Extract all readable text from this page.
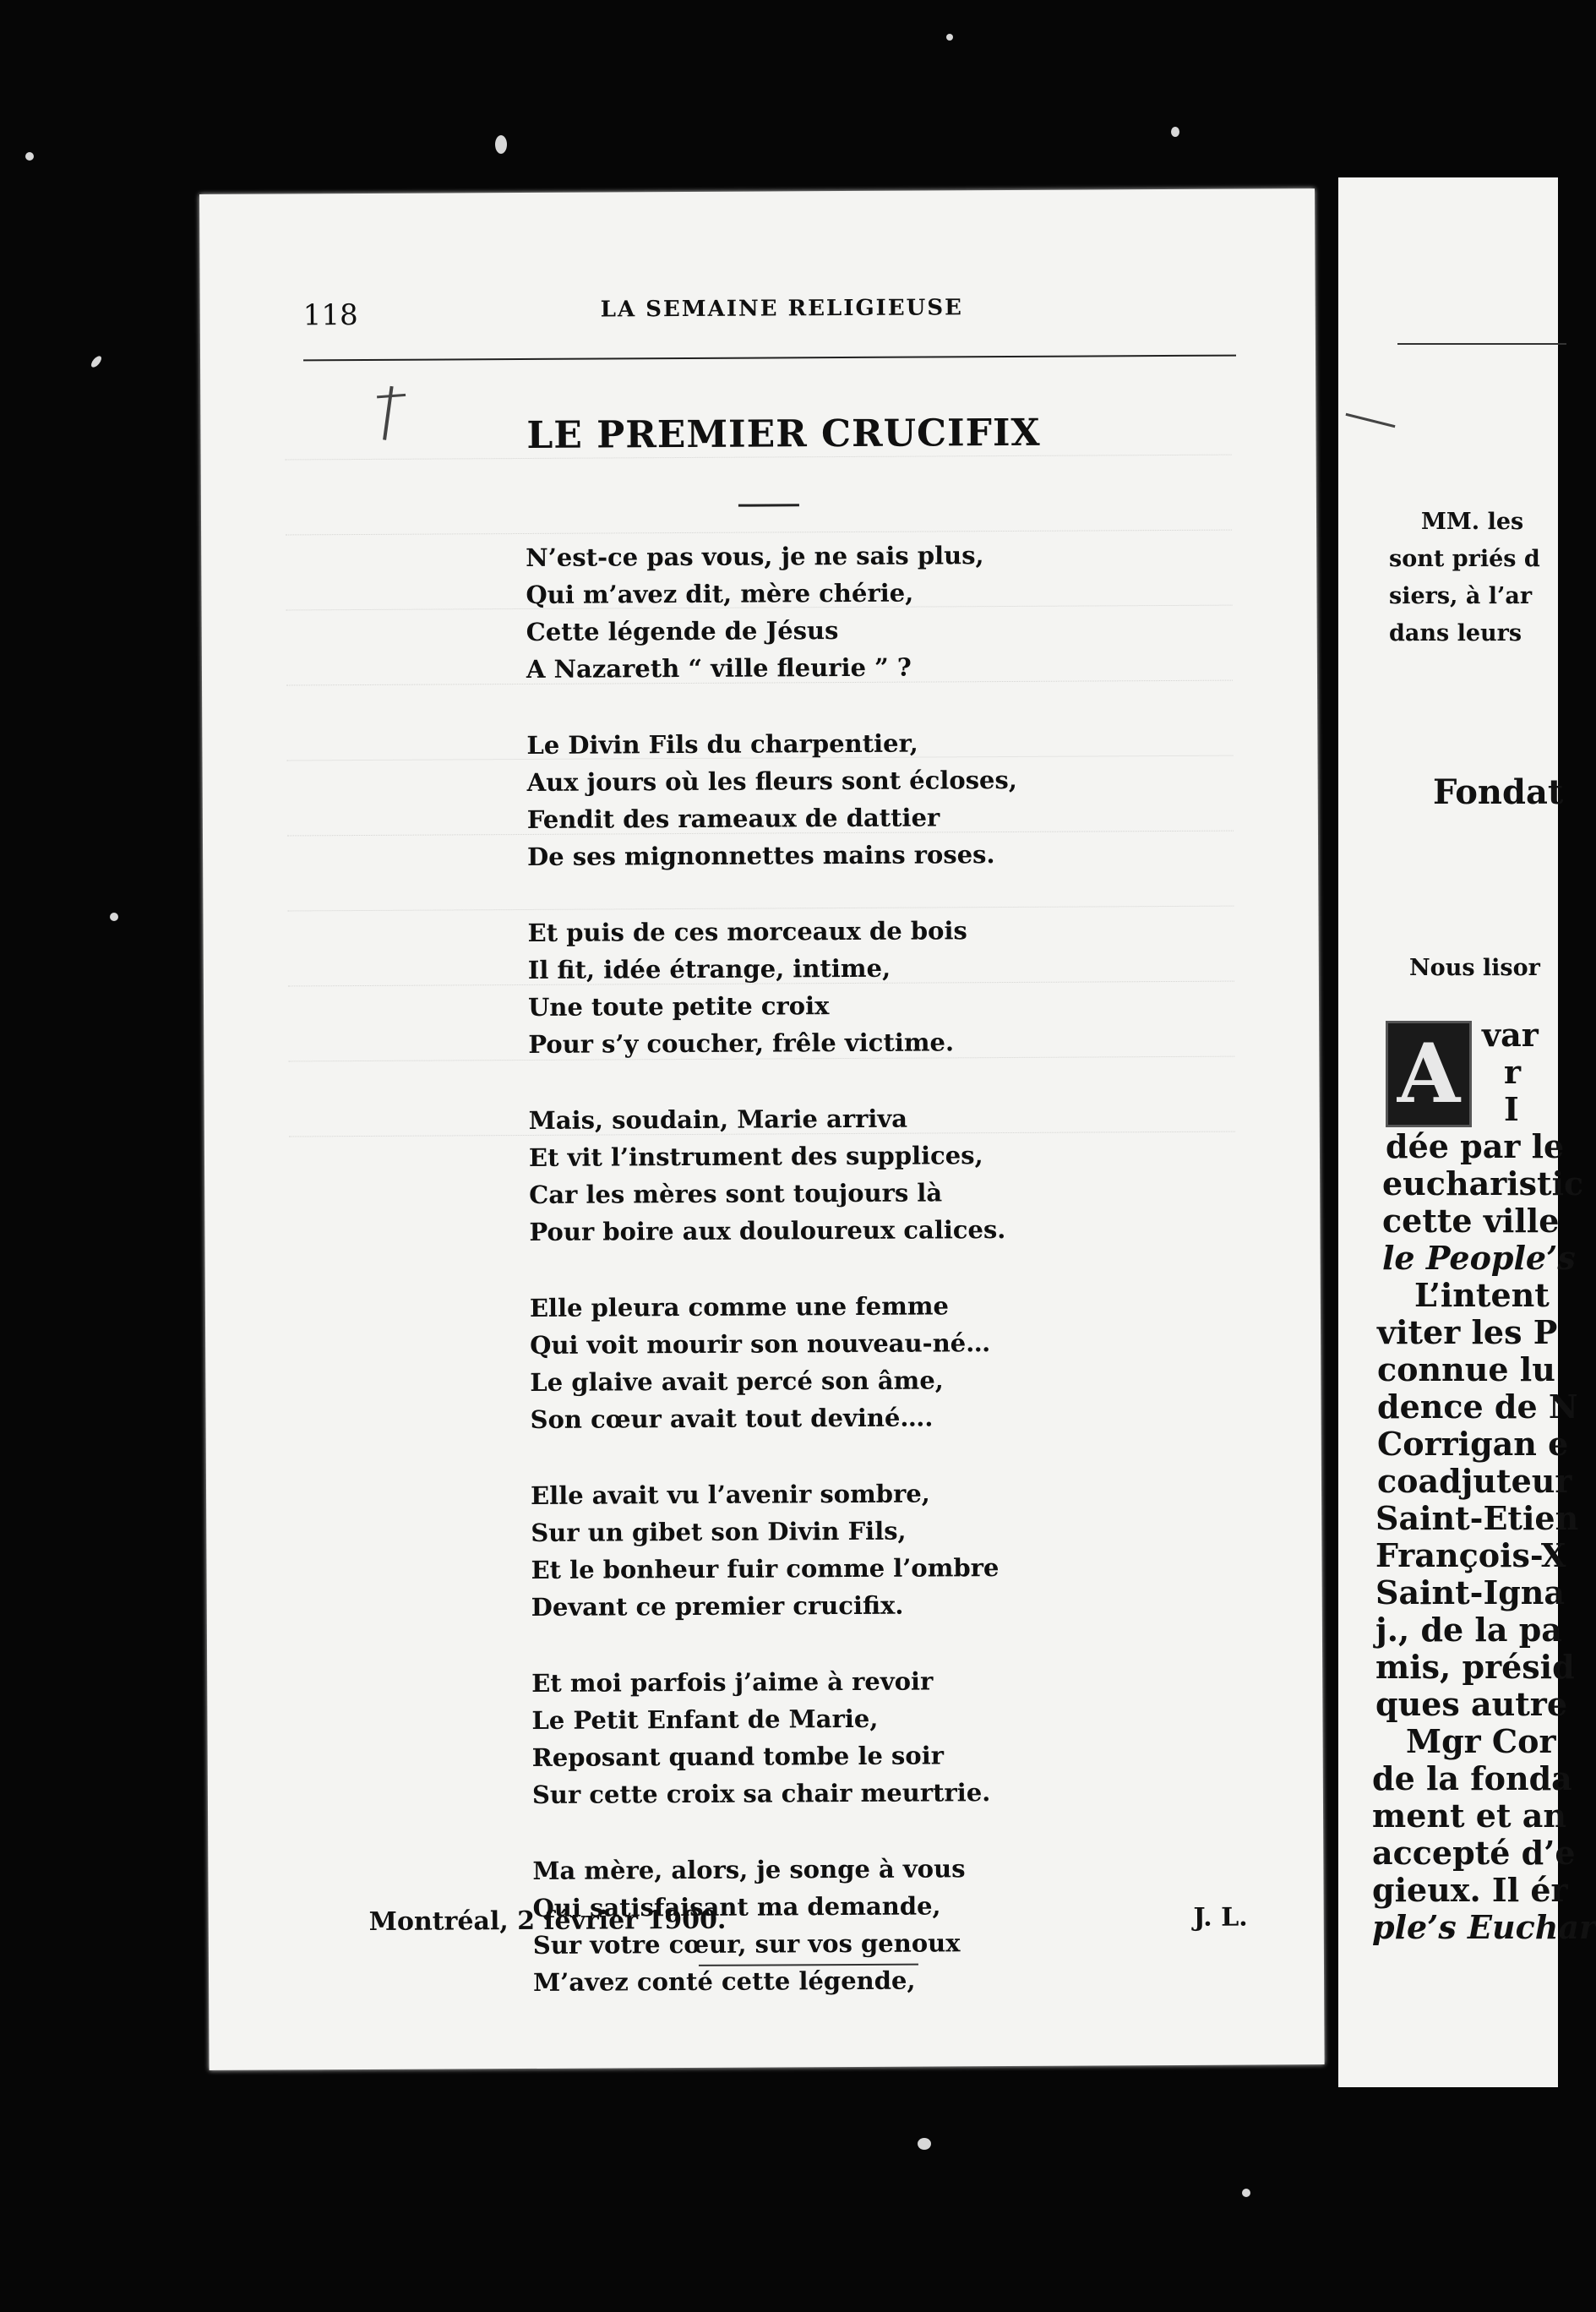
118	LA SEMAINE RELIGIEUSE
LE PREMIER CRUCIFIX
N’est-ce pas vous, je ne sais plus,
Qui m’avez dit, mère chérie,
Cette légende de Jésus
A Nazareth “ ville fleurie ” ?
Le Divin Fils du charpentier,
Aux jours où les fleurs sont écloses,
Fendit des rameaux de dattier
De ses mignonnettes mains roses.
Et puis de ces morceaux de bois
Il fit, idée étrange, intime,
Une toute petite croix
Pour s’y coucher, frêle victime.
Mais, soudain, Marie arriva
Et vit l’instrument des supplices,
Car les mères sont toujours là
Pour boire aux douloureux calices.
Elle pleura comme une femme
Qui voit mourir son nouveau-né…
Le glaive avait percé son âme,
Son cœur avait tout deviné….
Elle avait vu l’avenir sombre,
Sur un gibet son Divin Fils,
Et le bonheur fuir comme l’ombre
Devant ce premier crucifix.
Et moi parfois j’aime à revoir
Le Petit Enfant de Marie,
Reposant quand tombe le soir
Sur cette croix sa chair meurtrie.
Ma mère, alors, je songe à vous
Qui satisfaisant ma demande,
Sur votre cœur, sur vos genoux
M’avez conté cette légende,
Montréal, 2 février 1900.	J. L.
MM. les
sont priés d
siers, à l’ar
dans leurs
Fondat
Nous lisor
A var
r
I
dée par le
eucharistic
cette ville
le People’s
L’intent
viter les P
connue lu
dence de N
Corrigan e
coadjuteur
Saint-Etien
François-X
Saint-Igna
j., de la pa
mis, présid
ques autre
Mgr Cor
de la fonda
ment et an
accepté d’e
gieux. Il ér
ple’s Euchar
